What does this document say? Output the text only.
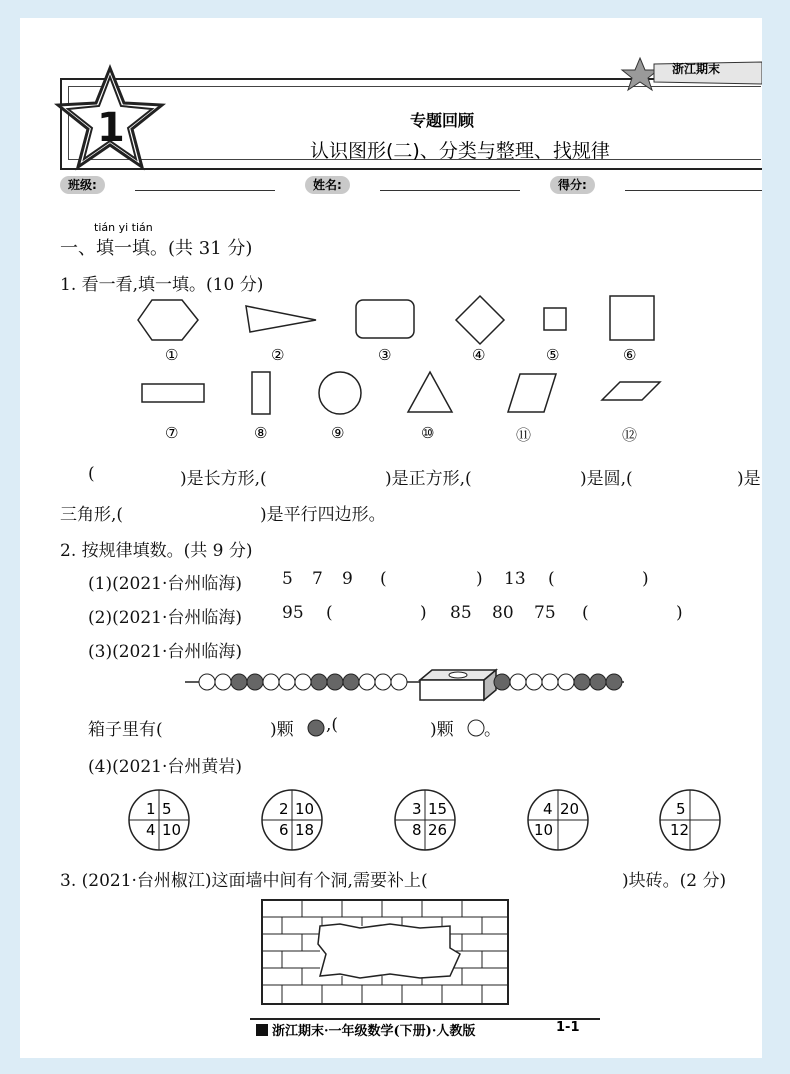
1
浙江期末
专题回顾
认识图形(二)、分类与整理、找规律
班级:	姓名:	得分:
tián yi tián
一、填一填。(共 31 分)
1. 看一看,填一填。(10 分)
①	②	③	④	⑤	⑥
⑦	⑧	⑨	⑩	⑪	⑫
(	)是长方形,(	)是正方形,(	)是圆,(	)是
三角形,(	)是平行四边形。
2. 按规律填数。(共 9 分)
(1)(2021·台州临海) 5 7 9 (	) 13 (	)
(2)(2021·台州临海) 95 (	) 85 80 75 (	)
(3)(2021·台州临海)
箱子里有(	)颗 ,(	)颗 。
(4)(2021·台州黄岩)
1 5
4 10
2 10
6 18
3 15
8 26
4 20
10
5
12
3. (2021·台州椒江)这面墙中间有个洞,需要补上(	)块砖。(2 分)
浙江期末·一年级数学(下册)·人教版	1-1
